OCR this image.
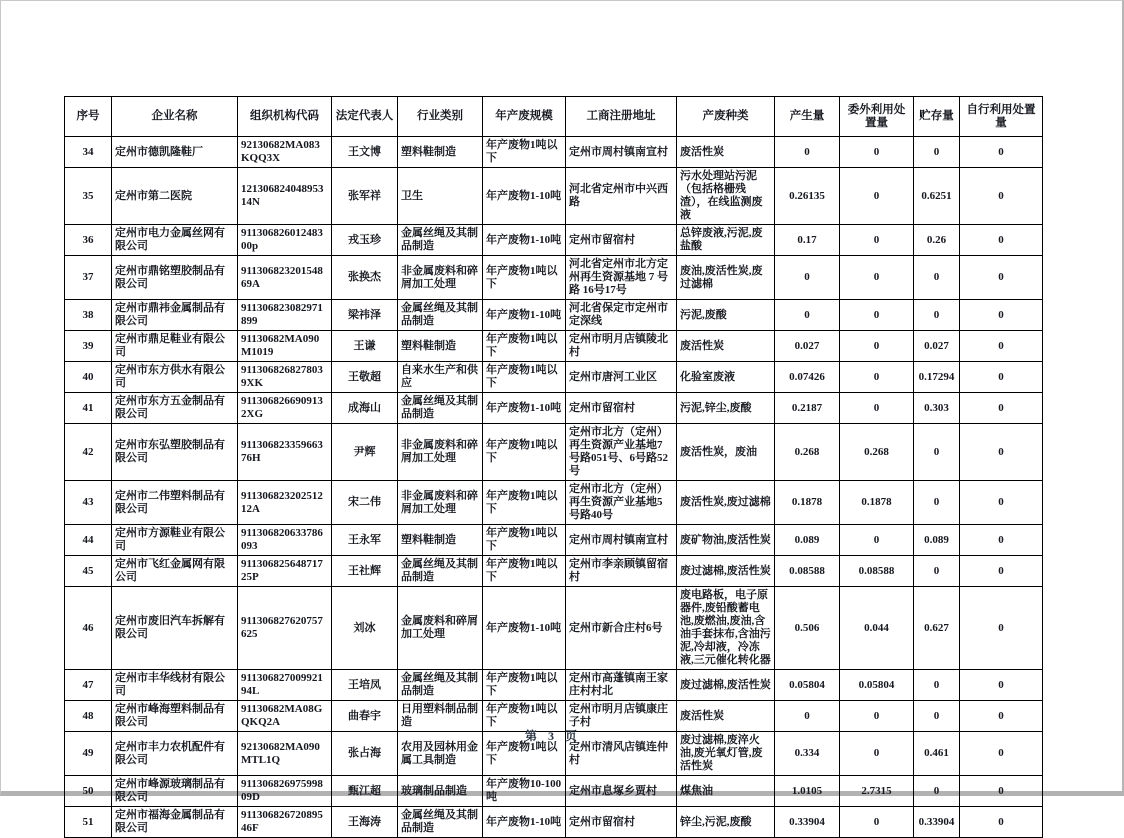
序号	企业名称	组织机构代码	法定代表人	行业类别	年产废规模	工商注册地址	产废种类	产生量	委外利用处置量	贮存量	自行利用处置量
34	定州市德凯隆鞋厂	92130682MA083KQQ3X	王文博	塑料鞋制造	年产废物1吨以下	定州市周村镇南宣村	废活性炭	0	0	0	0
35	定州市第二医院	12130682404895314N	张军祥	卫生	年产废物1-10吨	河北省定州市中兴西路	污水处理站污泥（包括格栅残渣），在线监测废液	0.26135	0	0.6251	0
36	定州市电力金属丝网有限公司	91130682601248300p	戎玉珍	金属丝绳及其制品制造	年产废物1-10吨	定州市留宿村	总锌废液,污泥,废盐酸	0.17	0	0.26	0
37	定州市鼎铭塑胶制品有限公司	91130682320154869A	张换杰	非金属废料和碎屑加工处理	年产废物1吨以下	河北省定州市北方定州再生资源基地 7 号路 16号17号	废油,废活性炭,废过滤棉	0	0	0	0
38	定州市鼎祎金属制品有限公司	911306823082971899	梁祎泽	金属丝绳及其制品制造	年产废物1-10吨	河北省保定市定州市定深线	污泥,废酸	0	0	0	0
39	定州市鼎足鞋业有限公司	91130682MA090M1019	王谦	塑料鞋制造	年产废物1吨以下	定州市明月店镇陵北村	废活性炭	0.027	0	0.027	0
40	定州市东方供水有限公司	9113068268278039XK	王敬超	自来水生产和供应	年产废物1吨以下	定州市唐河工业区	化验室废液	0.07426	0	0.17294	0
41	定州市东方五金制品有限公司	9113068266909132XG	成海山	金属丝绳及其制品制造	年产废物1-10吨	定州市留宿村	污泥,锌尘,废酸	0.2187	0	0.303	0
42	定州市东弘塑胶制品有限公司	91130682335966376H	尹辉	非金属废料和碎屑加工处理	年产废物1吨以下	定州市北方（定州）再生资源产业基地7号路051号、6号路52号	废活性炭，废油	0.268	0.268	0	0
43	定州市二伟塑料制品有限公司	91130682320251212A	宋二伟	非金属废料和碎屑加工处理	年产废物1吨以下	定州市北方（定州）再生资源产业基地5号路40号	废活性炭,废过滤棉	0.1878	0.1878	0	0
44	定州市方源鞋业有限公司	911306820633786093	王永军	塑料鞋制造	年产废物1吨以下	定州市周村镇南宣村	废矿物油,废活性炭	0.089	0	0.089	0
45	定州市飞红金属网有限公司	91130682564871725P	王社辉	金属丝绳及其制品制造	年产废物1吨以下	定州市李亲顾镇留宿村	废过滤棉,废活性炭	0.08588	0.08588	0	0
46	定州市废旧汽车拆解有限公司	911306827620757625	刘冰	金属废料和碎屑加工处理	年产废物1-10吨	定州市新合庄村6号	废电路板，电子原器件,废铅酸蓄电池,废燃油,废油,含油手套抹布,含油污泥,冷却液，冷冻液,三元催化转化器	0.506	0.044	0.627	0
47	定州市丰华线材有限公司	91130682700992194L	王培凤	金属丝绳及其制品制造	年产废物1吨以下	定州市高蓬镇南王家庄村村北	废过滤棉,废活性炭	0.05804	0.05804	0	0
48	定州市峰海塑料制品有限公司	91130682MA08GQKQ2A	曲春宇	日用塑料制品制造	年产废物1吨以下	定州市明月店镇康庄子村	废活性炭	0	0	0	0
49	定州市丰力农机配件有限公司	92130682MA090MTL1Q	张占海	农用及园林用金属工具制造	年产废物1吨以下	定州市清风店镇连仲村	废过滤棉,废淬火油,废光氧灯管,废活性炭	0.334	0	0.461	0
50	定州市峰源玻璃制品有限公司	91130682697599809D	甄江超	玻璃制品制造	年产废物10-100吨	定州市息塚乡贾村	煤焦油	1.0105	2.7315	0	0
51	定州市福海金属制品有限公司	91130682672089546F	王海涛	金属丝绳及其制品制造	年产废物1-10吨	定州市留宿村	锌尘,污泥,废酸	0.33904	0	0.33904	0
第 3 页
